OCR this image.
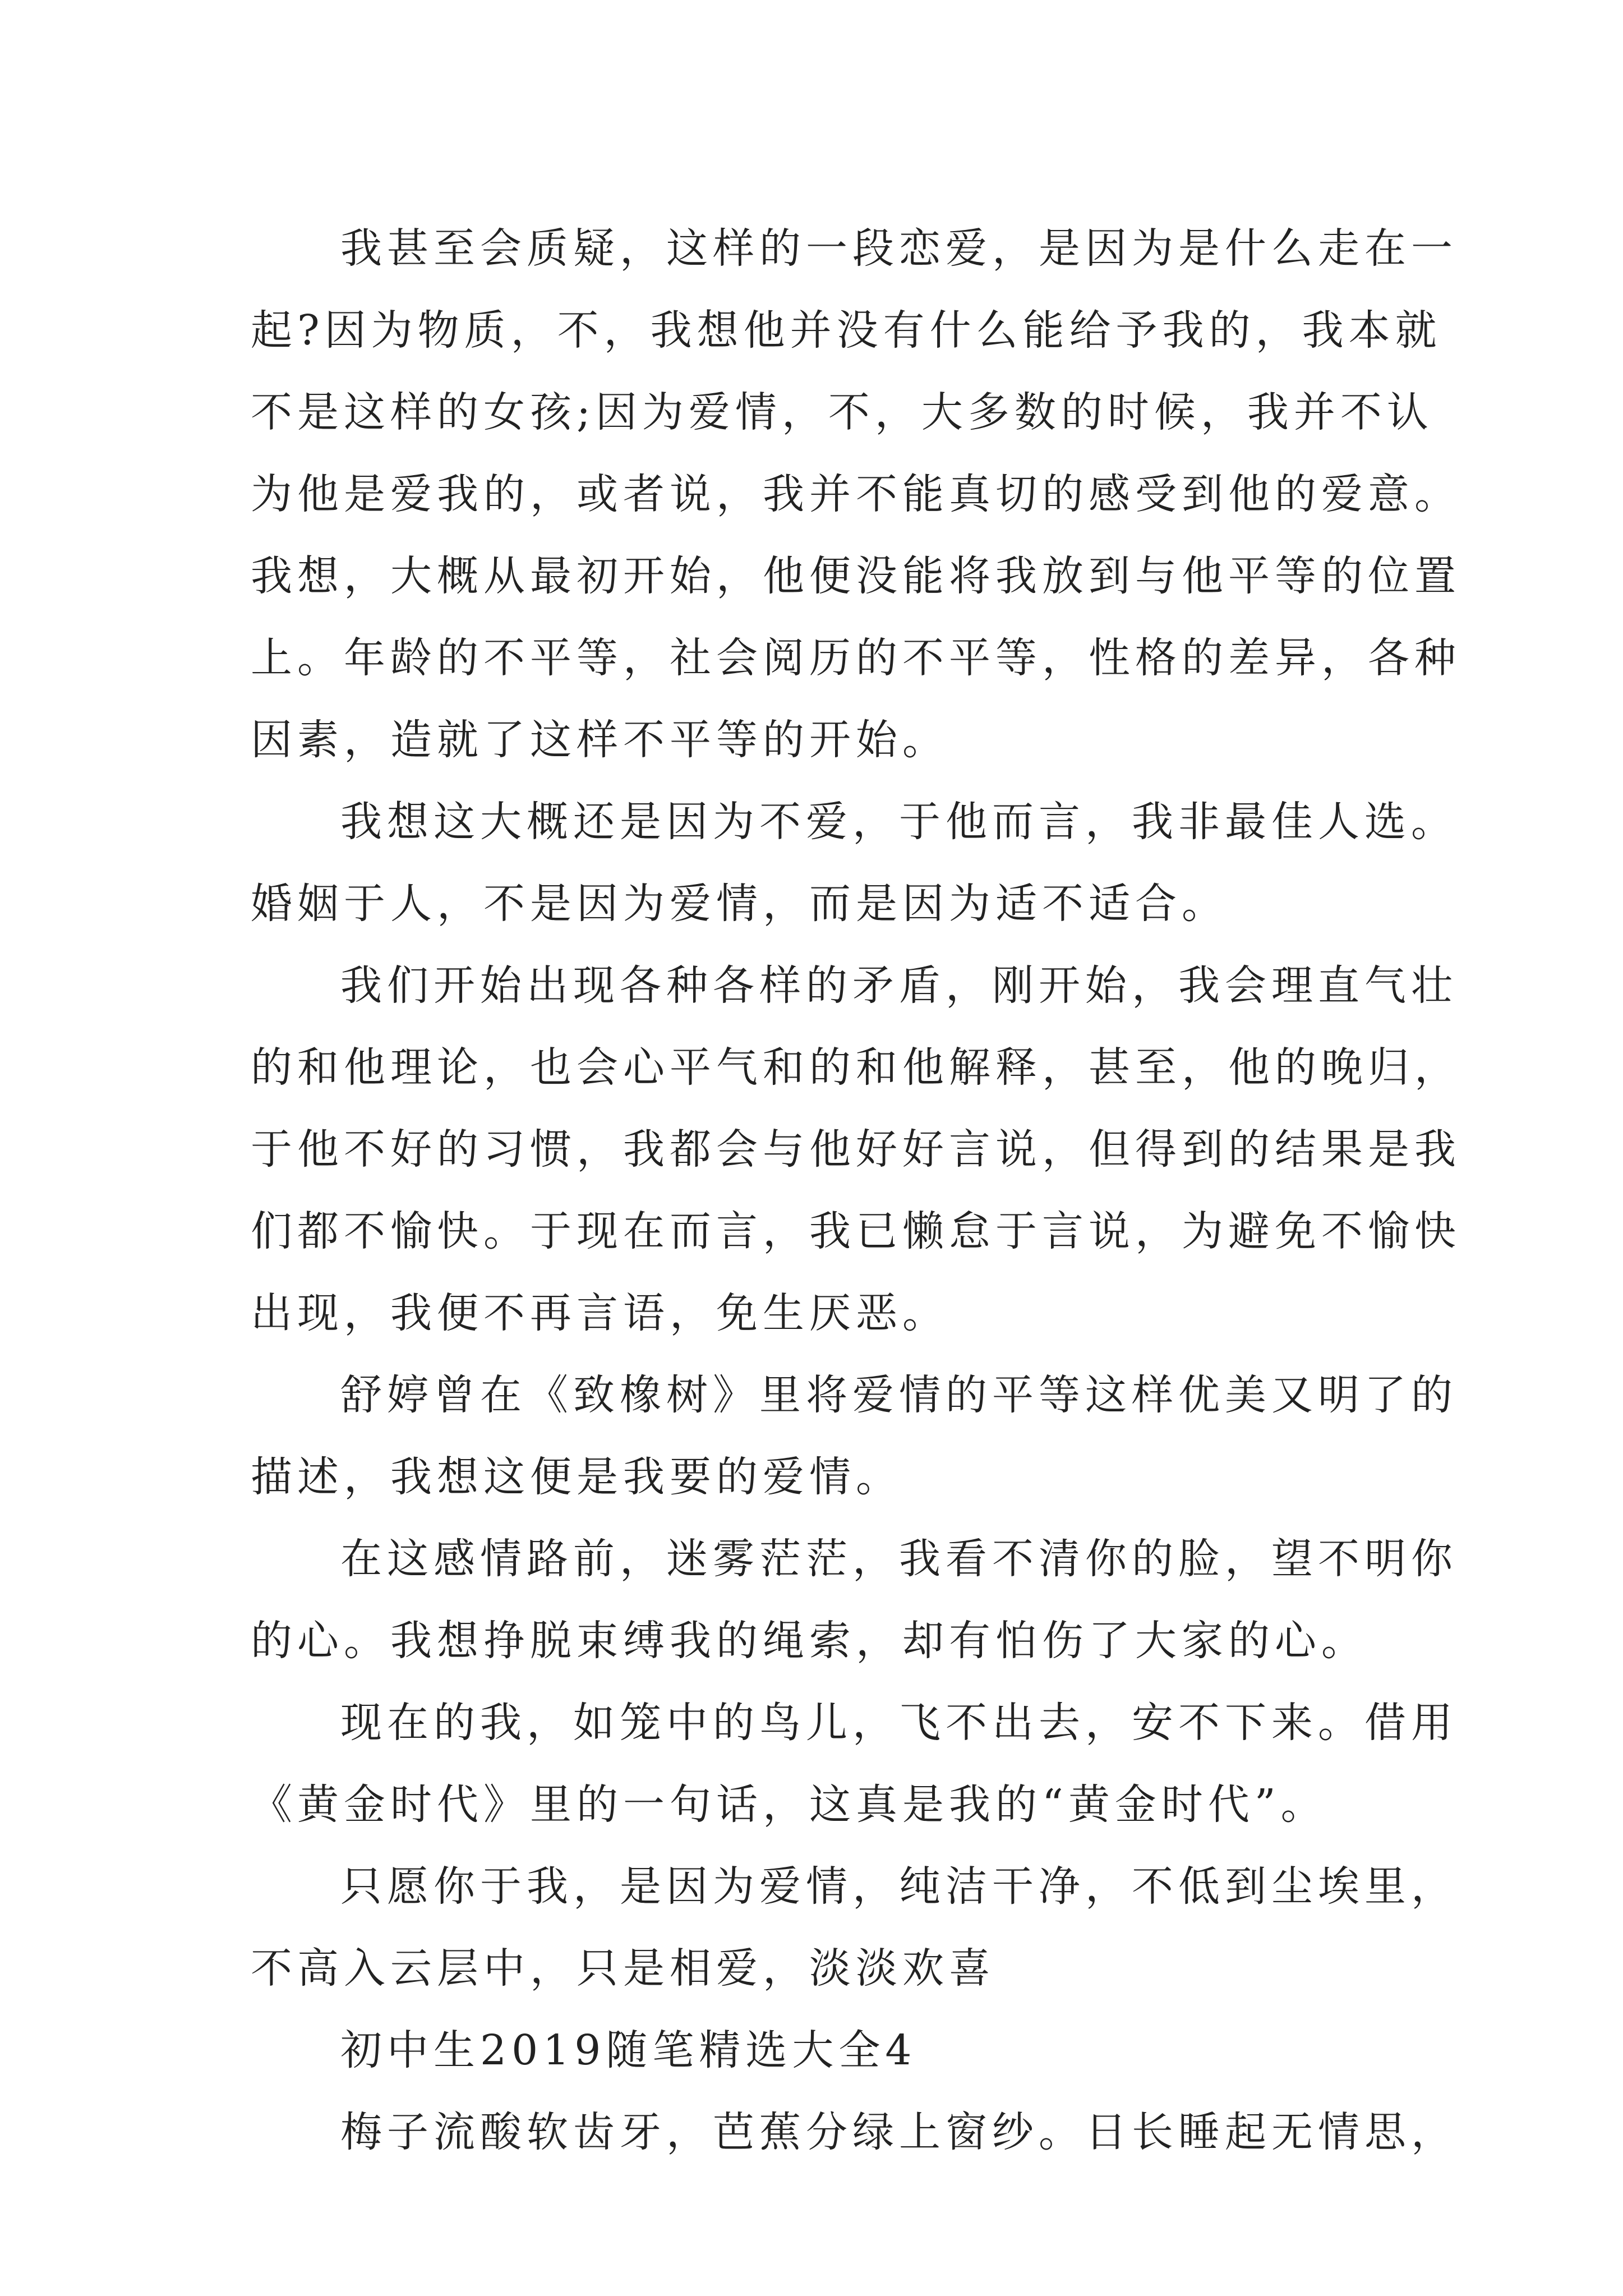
我甚至会质疑，这样的一段恋爱，是因为是什么走在一
起?因为物质，不，我想他并没有什么能给予我的，我本就
不是这样的女孩;因为爱情，不，大多数的时候，我并不认
为他是爱我的，或者说，我并不能真切的感受到他的爱意。
我想，大概从最初开始，他便没能将我放到与他平等的位置
上。年龄的不平等，社会阅历的不平等，性格的差异，各种
因素，造就了这样不平等的开始。

我想这大概还是因为不爱，于他而言，我非最佳人选。
婚姻于人，不是因为爱情，而是因为适不适合。

我们开始出现各种各样的矛盾，刚开始，我会理直气壮
的和他理论，也会心平气和的和他解释，甚至，他的晚归，
于他不好的习惯，我都会与他好好言说，但得到的结果是我
们都不愉快。于现在而言，我已懒怠于言说，为避免不愉快
出现，我便不再言语，免生厌恶。

舒婷曾在《致橡树》里将爱情的平等这样优美又明了的
描述，我想这便是我要的爱情。

在这感情路前，迷雾茫茫，我看不清你的脸，望不明你
的心。我想挣脱束缚我的绳索，却有怕伤了大家的心。

现在的我，如笼中的鸟儿，飞不出去，安不下来。借用
《黄金时代》里的一句话，这真是我的“黄金时代”。

只愿你于我，是因为爱情，纯洁干净，不低到尘埃里，
不高入云层中，只是相爱，淡淡欢喜

初中生2019随笔精选大全4

梅子流酸软齿牙，芭蕉分绿上窗纱。日长睡起无情思，
